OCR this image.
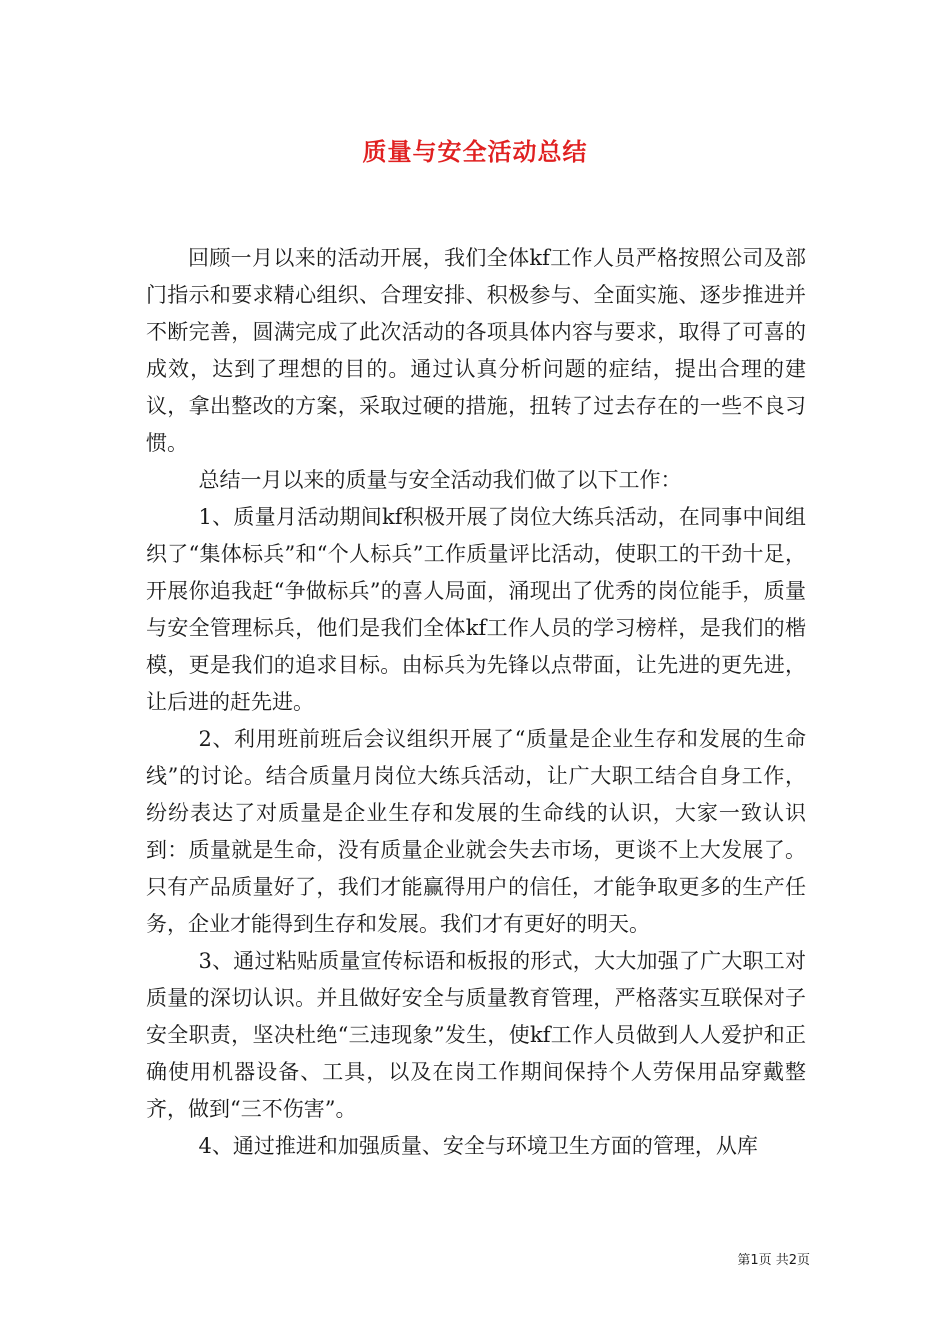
质量与安全活动总结

回顾一月以来的活动开展，我们全体kf工作人员严格按照公司及部门指示和要求精心组织、合理安排、积极参与、全面实施、逐步推进并不断完善，圆满完成了此次活动的各项具体内容与要求，取得了可喜的成效，达到了理想的目的。通过认真分析问题的症结，提出合理的建议，拿出整改的方案，采取过硬的措施，扭转了过去存在的一些不良习惯。

总结一月以来的质量与安全活动我们做了以下工作：

1、质量月活动期间kf积极开展了岗位大练兵活动，在同事中间组织了“集体标兵”和“个人标兵”工作质量评比活动，使职工的干劲十足，开展你追我赶“争做标兵”的喜人局面，涌现出了优秀的岗位能手，质量与安全管理标兵，他们是我们全体kf工作人员的学习榜样，是我们的楷模，更是我们的追求目标。由标兵为先锋以点带面，让先进的更先进，让后进的赶先进。

2、利用班前班后会议组织开展了“质量是企业生存和发展的生命线”的讨论。结合质量月岗位大练兵活动，让广大职工结合自身工作，纷纷表达了对质量是企业生存和发展的生命线的认识，大家一致认识到：质量就是生命，没有质量企业就会失去市场，更谈不上大发展了。只有产品质量好了，我们才能赢得用户的信任，才能争取更多的生产任务，企业才能得到生存和发展。我们才有更好的明天。

3、通过粘贴质量宣传标语和板报的形式，大大加强了广大职工对质量的深切认识。并且做好安全与质量教育管理，严格落实互联保对子安全职责，坚决杜绝“三违现象”发生，使kf工作人员做到人人爱护和正确使用机器设备、工具，以及在岗工作期间保持个人劳保用品穿戴整齐，做到“三不伤害”。

4、通过推进和加强质量、安全与环境卫生方面的管理，从库

第1页 共2页
